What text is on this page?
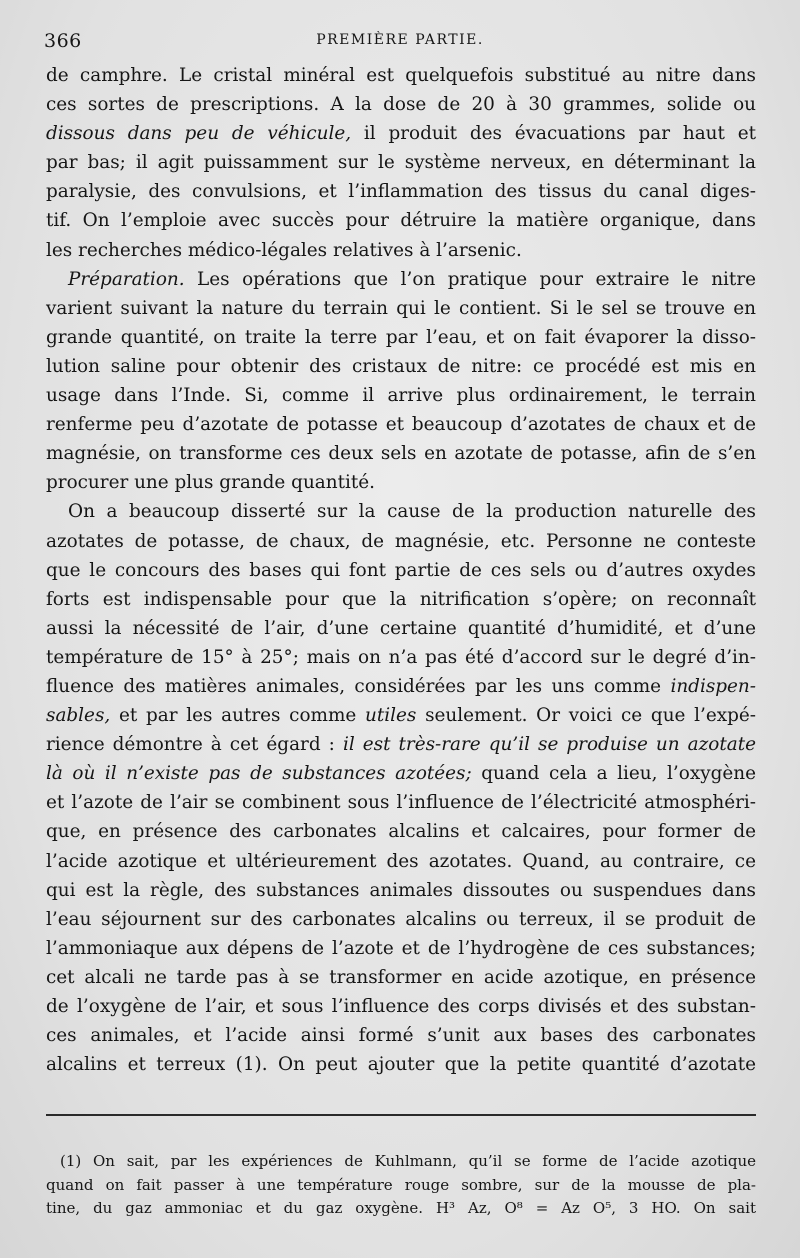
366	PREMIÈRE PARTIE.
de camphre. Le cristal minéral est quelquefois substitué au nitre dans
ces sortes de prescriptions. A la dose de 20 à 30 grammes, solide ou
dissous dans peu de véhicule, il produit des évacuations par haut et
par bas; il agit puissamment sur le système nerveux, en déterminant la
paralysie, des convulsions, et l’inflammation des tissus du canal diges-
tif. On l’emploie avec succès pour détruire la matière organique, dans
les recherches médico-légales relatives à l’arsenic.
Préparation. Les opérations que l’on pratique pour extraire le nitre
varient suivant la nature du terrain qui le contient. Si le sel se trouve en
grande quantité, on traite la terre par l’eau, et on fait évaporer la disso-
lution saline pour obtenir des cristaux de nitre: ce procédé est mis en
usage dans l’Inde. Si, comme il arrive plus ordinairement, le terrain
renferme peu d’azotate de potasse et beaucoup d’azotates de chaux et de
magnésie, on transforme ces deux sels en azotate de potasse, afin de s’en
procurer une plus grande quantité.
On a beaucoup disserté sur la cause de la production naturelle des
azotates de potasse, de chaux, de magnésie, etc. Personne ne conteste
que le concours des bases qui font partie de ces sels ou d’autres oxydes
forts est indispensable pour que la nitrification s’opère; on reconnaît
aussi la nécessité de l’air, d’une certaine quantité d’humidité, et d’une
température de 15° à 25°; mais on n’a pas été d’accord sur le degré d’in-
fluence des matières animales, considérées par les uns comme indispen-
sables, et par les autres comme utiles seulement. Or voici ce que l’expé-
rience démontre à cet égard : il est très-rare qu’il se produise un azotate
là où il n’existe pas de substances azotées; quand cela a lieu, l’oxygène
et l’azote de l’air se combinent sous l’influence de l’électricité atmosphéri-
que, en présence des carbonates alcalins et calcaires, pour former de
l’acide azotique et ultérieurement des azotates. Quand, au contraire, ce
qui est la règle, des substances animales dissoutes ou suspendues dans
l’eau séjournent sur des carbonates alcalins ou terreux, il se produit de
l’ammoniaque aux dépens de l’azote et de l’hydrogène de ces substances;
cet alcali ne tarde pas à se transformer en acide azotique, en présence
de l’oxygène de l’air, et sous l’influence des corps divisés et des substan-
ces animales, et l’acide ainsi formé s’unit aux bases des carbonates
alcalins et terreux (1). On peut ajouter que la petite quantité d’azotate
(1) On sait, par les expériences de Kuhlmann, qu’il se forme de l’acide azotique
quand on fait passer à une température rouge sombre, sur de la mousse de pla-
tine, du gaz ammoniac et du gaz oxygène. H³ Az, O⁸ = Az O⁵, 3 HO. On sait
